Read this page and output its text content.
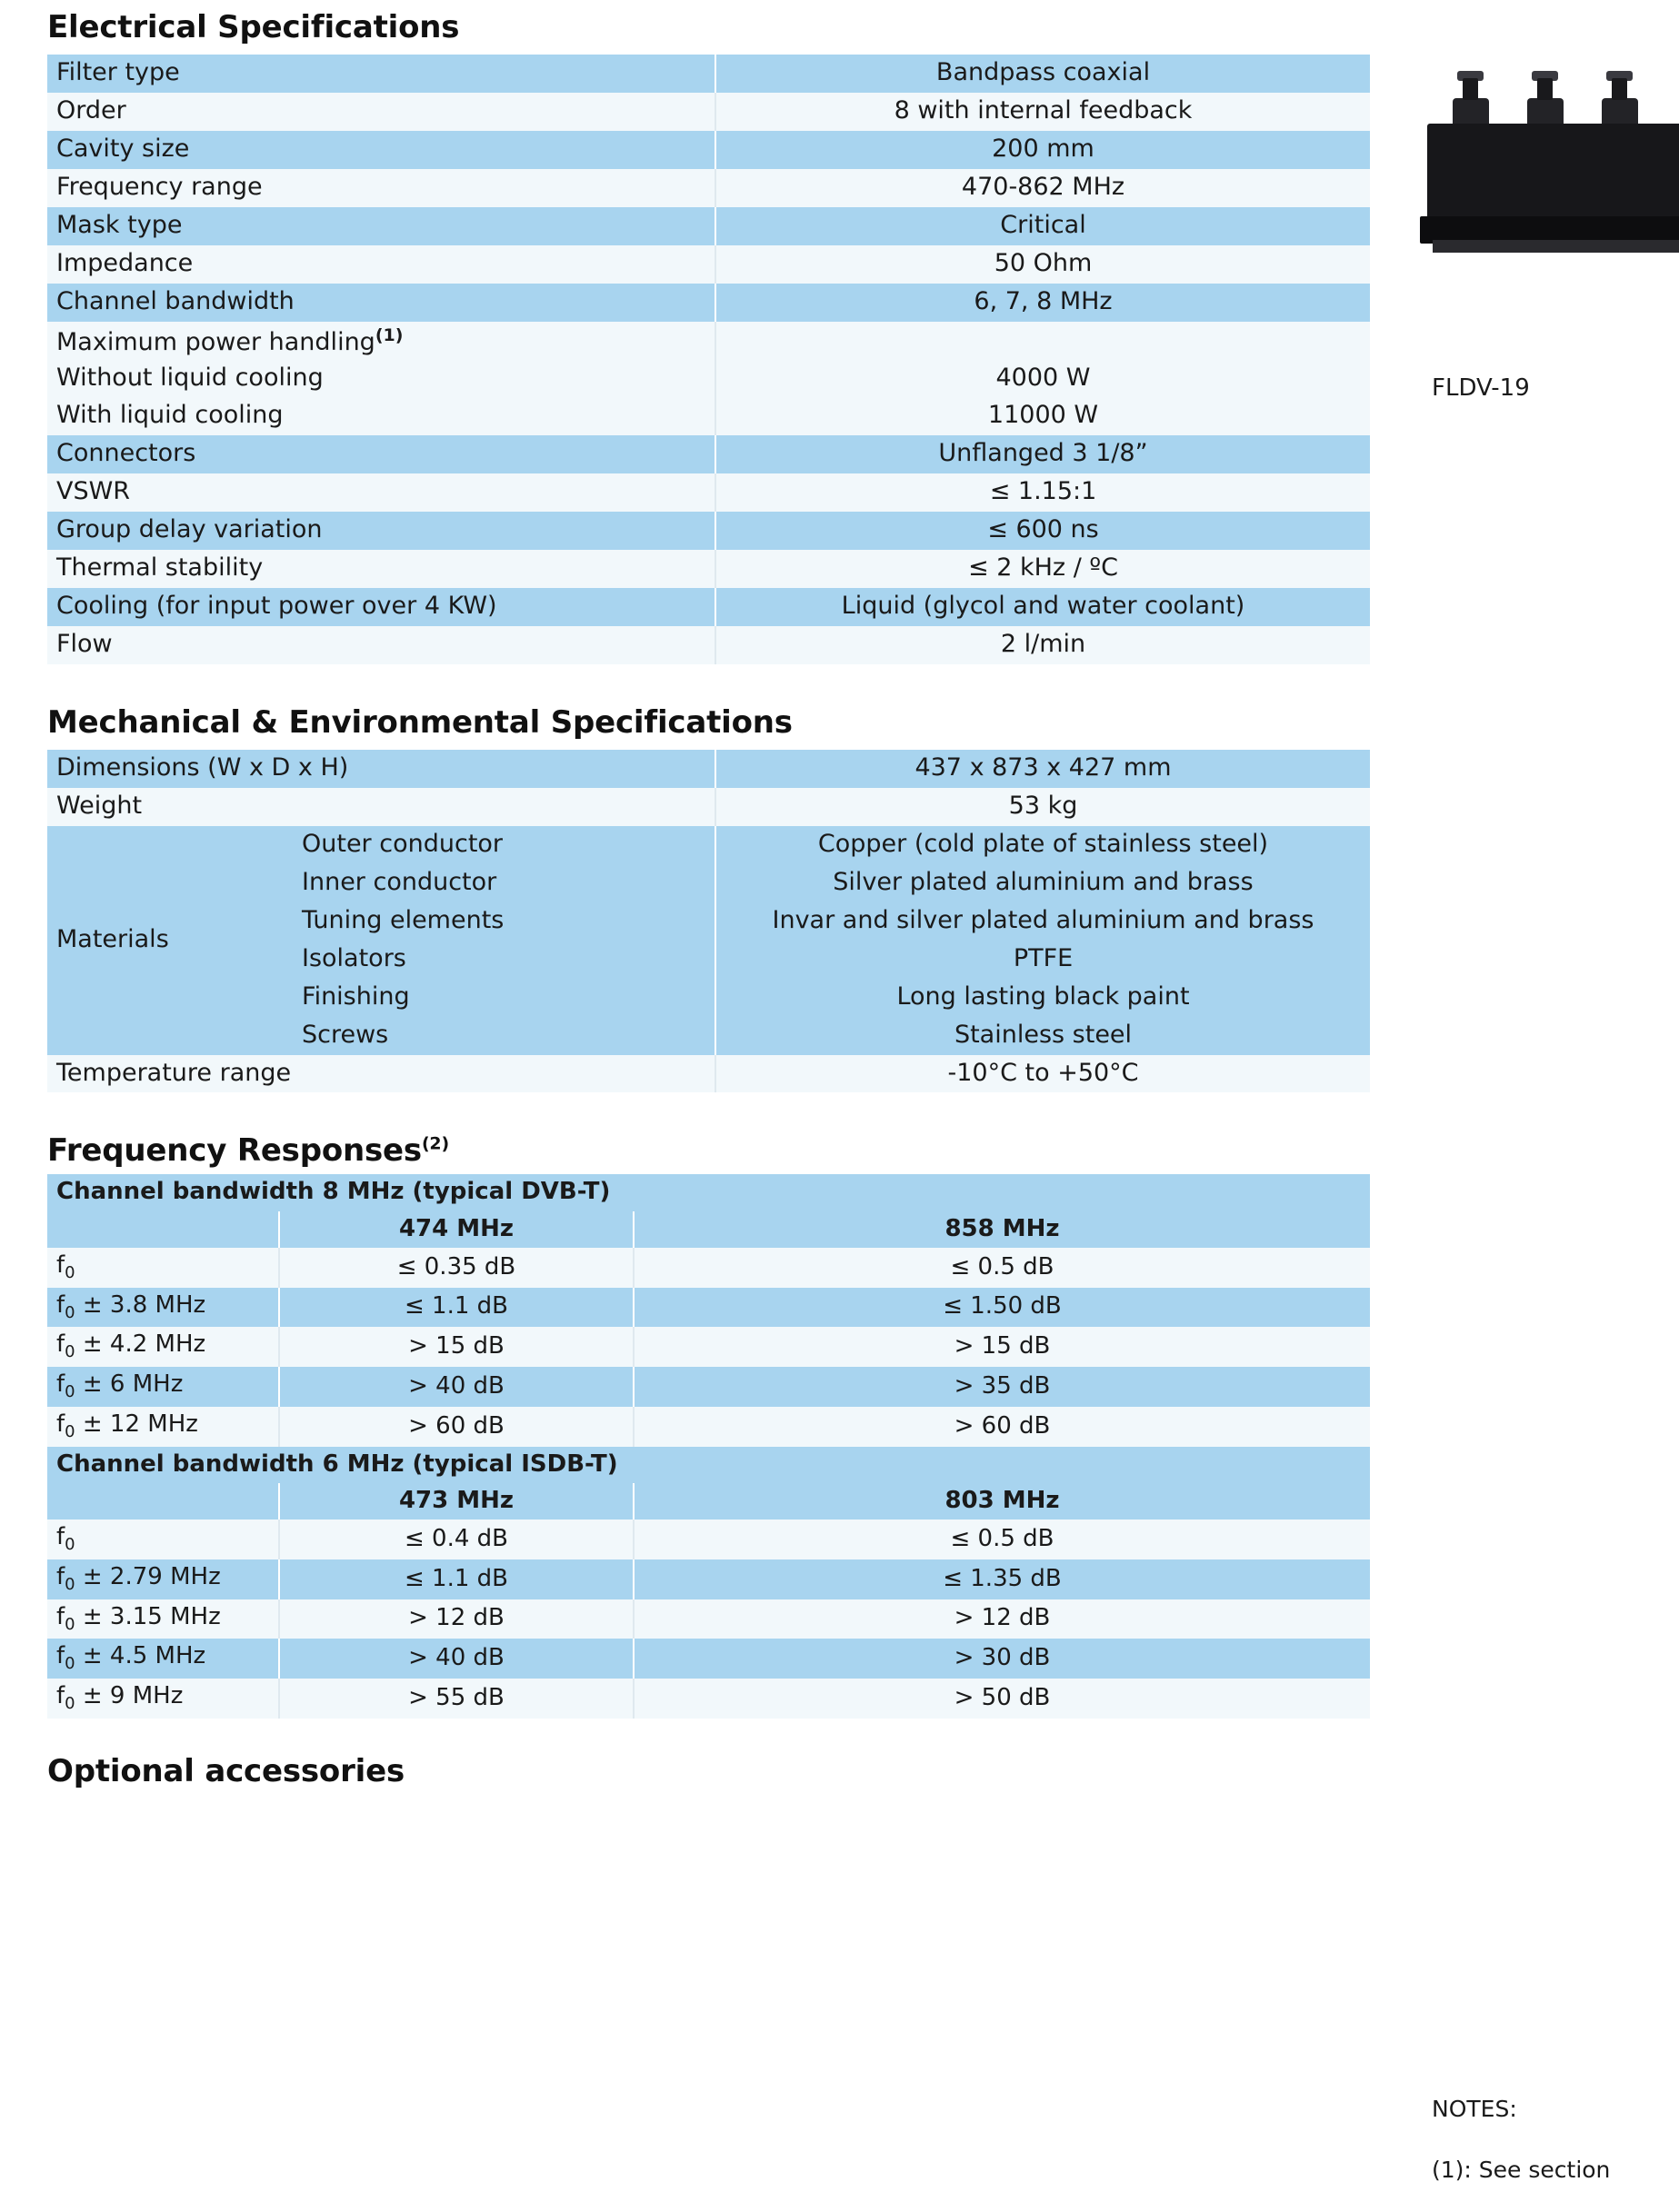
Electrical Specifications
Filter type	Bandpass coaxial
Order	8 with internal feedback
Cavity size	200 mm
Frequency range	470-862 MHz
Mask type	Critical
Impedance	50 Ohm
Channel bandwidth	6, 7, 8 MHz
Maximum power handling$^{(1)}$	
Without liquid cooling	4000 W
With liquid cooling	11000 W
Connectors	Unflanged 3 1/8”
VSWR	≤ 1.15:1
Group delay variation	≤ 600 ns
Thermal stability	≤ 2 kHz / ºC
Cooling (for input power over 4 KW)	Liquid (glycol and water coolant)
Flow	2 l/min
Mechanical & Environmental Specifications
Dimensions (W x D x H)		437 x 873 x 427 mm
Weight		53 kg
Materials	Outer conductor	Copper (cold plate of stainless steel)
	Inner conductor	Silver plated aluminium and brass
	Tuning elements	Invar and silver plated aluminium and brass
	Isolators	PTFE
	Finishing	Long lasting black paint
	Screws	Stainless steel
Temperature range		-10°C to +50°C
Frequency Responses$^{(2)}$
Channel bandwidth 8 MHz (typical DVB-T)		
	474 MHz	858 MHz
$f_0$	≤ 0.35 dB	≤ 0.5 dB
$f_0 \pm 3.8$ MHz	≤ 1.1 dB	≤ 1.50 dB
$f_0 \pm 4.2$ MHz	> 15 dB	> 15 dB
$f_0 \pm 6$ MHz	> 40 dB	> 35 dB
$f_0 \pm 12$ MHz	> 60 dB	> 60 dB
Channel bandwidth 6 MHz (typical ISDB-T)		
	473 MHz	803 MHz
$f_0$	≤ 0.4 dB	≤ 0.5 dB
$f_0 \pm 2.79$ MHz	≤ 1.1 dB	≤ 1.35 dB
$f_0 \pm 3.15$ MHz	> 12 dB	> 12 dB
$f_0 \pm 4.5$ MHz	> 40 dB	> 30 dB
$f_0 \pm 9$ MHz	> 55 dB	> 50 dB
Optional accessories
FLDV-19
NOTES:
(1): See section
